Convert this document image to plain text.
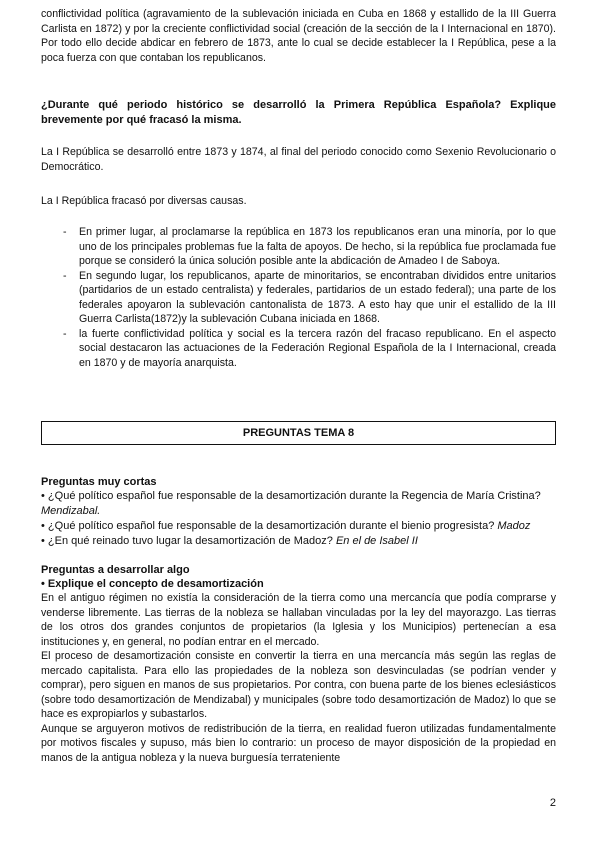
conflictividad política (agravamiento de la sublevación iniciada en Cuba en 1868 y estallido de la III Guerra Carlista en 1872) y por la creciente conflictividad social (creación de la sección de la I Internacional en 1870). Por todo ello decide abdicar en febrero de 1873, ante lo cual se decide establecer la I República, pese a la poca fuerza con que contaban los republicanos.

¿Durante qué periodo histórico se desarrolló la Primera República Española? Explique brevemente por qué fracasó la misma.

La I República se desarrolló entre 1873 y 1874, al final del periodo conocido como Sexenio Revolucionario o Democrático.

La I República fracasó por diversas causas.

- En primer lugar, al proclamarse la república en 1873 los republicanos eran una minoría, por lo que uno de los principales problemas fue la falta de apoyos. De hecho, si la república fue proclamada fue porque se consideró la única solución posible ante la abdicación de Amadeo I de Saboya.
- En segundo lugar, los republicanos, aparte de minoritarios, se encontraban divididos entre unitarios (partidarios de un estado centralista) y federales, partidarios de un estado federal); una parte de los federales apoyaron la sublevación cantonalista de 1873. A esto hay que unir el estallido de la III Guerra Carlista(1872)y la sublevación Cubana iniciada en 1868.
- la fuerte conflictividad política y social es la tercera razón del fracaso republicano. En el aspecto social destacaron las actuaciones de la Federación Regional Española de la I Internacional, creada en 1870 y de mayoría anarquista.
PREGUNTAS TEMA 8

Preguntas muy cortas

• ¿Qué político español fue responsable de la desamortización durante la Regencia de María Cristina? Mendizabal.

• ¿Qué político español fue responsable de la desamortización durante el bienio progresista? Madoz

• ¿En qué reinado tuvo lugar la desamortización de Madoz? En el de Isabel II

Preguntas a desarrollar algo

• Explique el concepto de desamortización

En el antiguo régimen no existía la consideración de la tierra como una mercancía que podía comprarse y venderse libremente. Las tierras de la nobleza se hallaban vinculadas por la ley del mayorazgo. Las tierras de los otros dos grandes conjuntos de propietarios (la Iglesia y los Municipios) pertenecían a esa instituciones y, en general, no podían entrar en el mercado.

El proceso de desamortización consiste en convertir la tierra en una mercancía más según las reglas de mercado capitalista. Para ello las propiedades de la nobleza son desvinculadas (se podrían vender y comprar), pero siguen en manos de sus propietarios. Por contra, con buena parte de los bienes eclesiásticos (sobre todo desamortización de Mendizabal) y municipales (sobre todo desamortización de Madoz) lo que se hace es expropiarlos y subastarlos.

Aunque se arguyeron motivos de redistribución de la tierra, en realidad fueron utilizadas fundamentalmente por motivos fiscales y supuso, más bien lo contrario: un proceso de mayor disposición de la propiedad en manos de la antigua nobleza y la nueva burguesía terrateniente

2
